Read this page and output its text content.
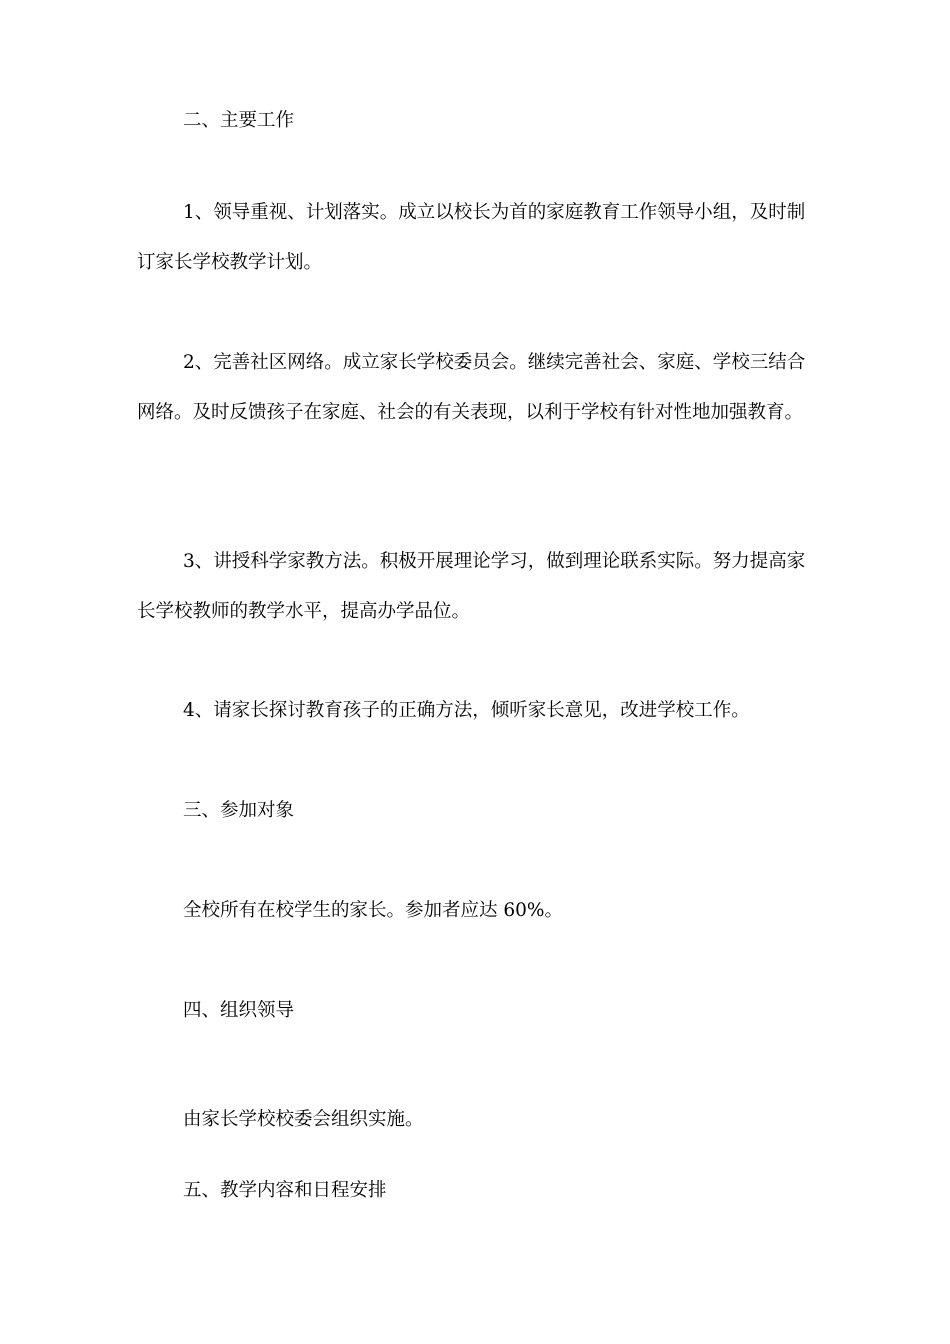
二、主要工作

1、领导重视、计划落实。成立以校长为首的家庭教育工作领导小组，及时制订家长学校教学计划。

2、完善社区网络。成立家长学校委员会。继续完善社会、家庭、学校三结合网络。及时反馈孩子在家庭、社会的有关表现，以利于学校有针对性地加强教育。

3、讲授科学家教方法。积极开展理论学习，做到理论联系实际。努力提高家长学校教师的教学水平，提高办学品位。

4、请家长探讨教育孩子的正确方法，倾听家长意见，改进学校工作。

三、参加对象

全校所有在校学生的家长。参加者应达 60%。

四、组织领导

由家长学校校委会组织实施。

五、教学内容和日程安排
